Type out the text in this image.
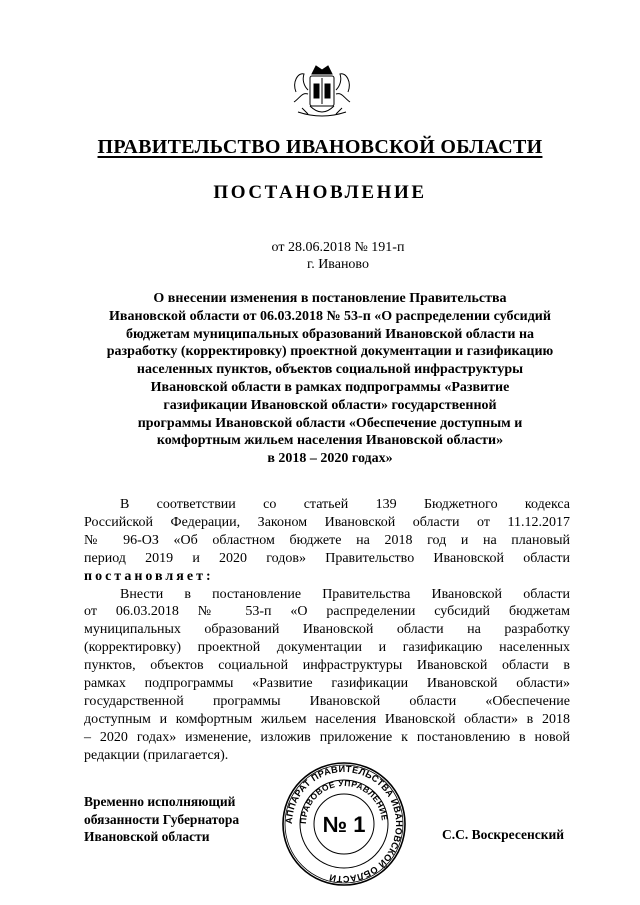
ПРАВИТЕЛЬСТВО ИВАНОВСКОЙ ОБЛАСТИ
ПОСТАНОВЛЕНИЕ
от 28.06.2018 № 191-п
г. Иваново
О внесении изменения в постановление Правительства
Ивановской области от 06.03.2018 № 53-п «О распределении субсидий
бюджетам муниципальных образований Ивановской области на
разработку (корректировку) проектной документации и газификацию
населенных пунктов, объектов социальной инфраструктуры
Ивановской области в рамках подпрограммы «Развитие
газификации Ивановской области» государственной
программы Ивановской области «Обеспечение доступным и
комфортным жильем населения Ивановской области»
в 2018 – 2020 годах»
В соответствии со статьей 139 Бюджетного кодекса
Российской Федерации, Законом Ивановской области от 11.12.2017
№ 96-ОЗ «Об областном бюджете на 2018 год и на плановый
период 2019 и 2020 годов» Правительство Ивановской области
постановляет:
Внести в постановление Правительства Ивановской области
от 06.03.2018 № 53-п «О распределении субсидий бюджетам
муниципальных образований Ивановской области на разработку
(корректировку) проектной документации и газификацию населенных
пунктов, объектов социальной инфраструктуры Ивановской области в
рамках подпрограммы «Развитие газификации Ивановской области»
государственной программы Ивановской области «Обеспечение
доступным и комфортным жильем населения Ивановской области» в 2018
– 2020 годах» изменение, изложив приложение к постановлению в новой
редакции (прилагается).
Временно исполняющий
обязанности Губернатора
Ивановской области
АППАРАТ ПРАВИТЕЛЬСТВА ИВАНОВСКОЙ ОБЛАСТИ
ПРАВОВОЕ УПРАВЛЕНИЕ
№ 1	С.С. Воскресенский
